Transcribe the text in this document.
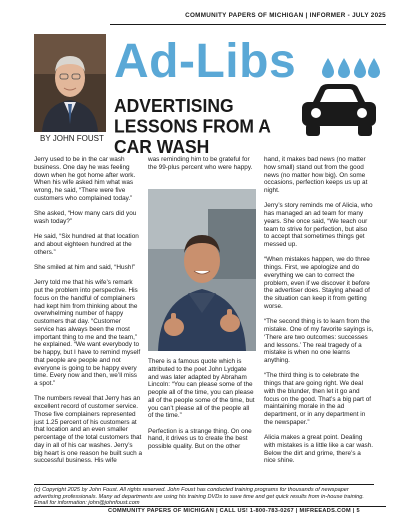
COMMUNITY PAPERS OF MICHIGAN | INFORMER - JULY 2025
BY JOHN FOUST
Ad-Libs
ADVERTISING LESSONS FROM A CAR WASH

Jerry used to be in the car wash business. One day he was feeling down when he got home after work. When his wife asked him what was wrong, he said, “There were five customers who complained today.”

She asked, “How many cars did you wash today?”

He said, “Six hundred at that location and about eighteen hundred at the others.”

She smiled at him and said, “Hush!”

Jerry told me that his wife’s remark put the problem into perspective. His focus on the handful of complainers had kept him from thinking about the overwhelming number of happy customers that day. “Customer service has always been the most important thing to me and the team,” he explained. “We want everybody to be happy, but I have to remind myself that people are people and not everyone is going to be happy every time. Every now and then, we’ll miss a spot.”

The numbers reveal that Jerry has an excellent record of customer service. Those five complainers represented just 1.25 percent of his customers at that location and an even smaller percentage of the total customers that day in all of his car washes. Jerry’s big heart is one reason he built such a successful business. His wife

was reminding him to be grateful for the 99-plus percent who were happy.

There is a famous quote which is attributed to the poet John Lydgate and was later adapted by Abraham Lincoln: “You can please some of the people all of the time, you can please all of the people some of the time, but you can’t please all of the people all of the time.”

Perfection is a strange thing. On one hand, it drives us to create the best possible quality. But on the other

hand, it makes bad news (no matter how small) stand out from the good news (no matter how big). On some occasions, perfection keeps us up at night.

Jerry’s story reminds me of Alicia, who has managed an ad team for many years. She once said, “We teach our team to strive for perfection, but also to accept that sometimes things get messed up.

“When mistakes happen, we do three things. First, we apologize and do everything we can to correct the problem, even if we discover it before the advertiser does. Staying ahead of the situation can keep it from getting worse.

“The second thing is to learn from the mistake. One of my favorite sayings is, ‘There are two outcomes: successes and lessons.’ The real tragedy of a mistake is when no one learns anything.

“The third thing is to celebrate the things that are going right. We deal with the blunder, then let it go and focus on the good. That’s a big part of maintaining morale in the ad department, or in any department in the newspaper.”

Alicia makes a great point. Dealing with mistakes is a little like a car wash. Below the dirt and grime, there’s a nice shine.

(c) Copyright 2025 by John Foust. All rights reserved. John Foust has conducted training programs for thousands of newspaper advertising professionals. Many ad departments are using his training DVDs to save time and get quick results from in-house training. Email for information: john@johnfoust.com
COMMUNITY PAPERS OF MICHIGAN | CALL US! 1-800-783-0267 | MIFREEADS.COM | 5
